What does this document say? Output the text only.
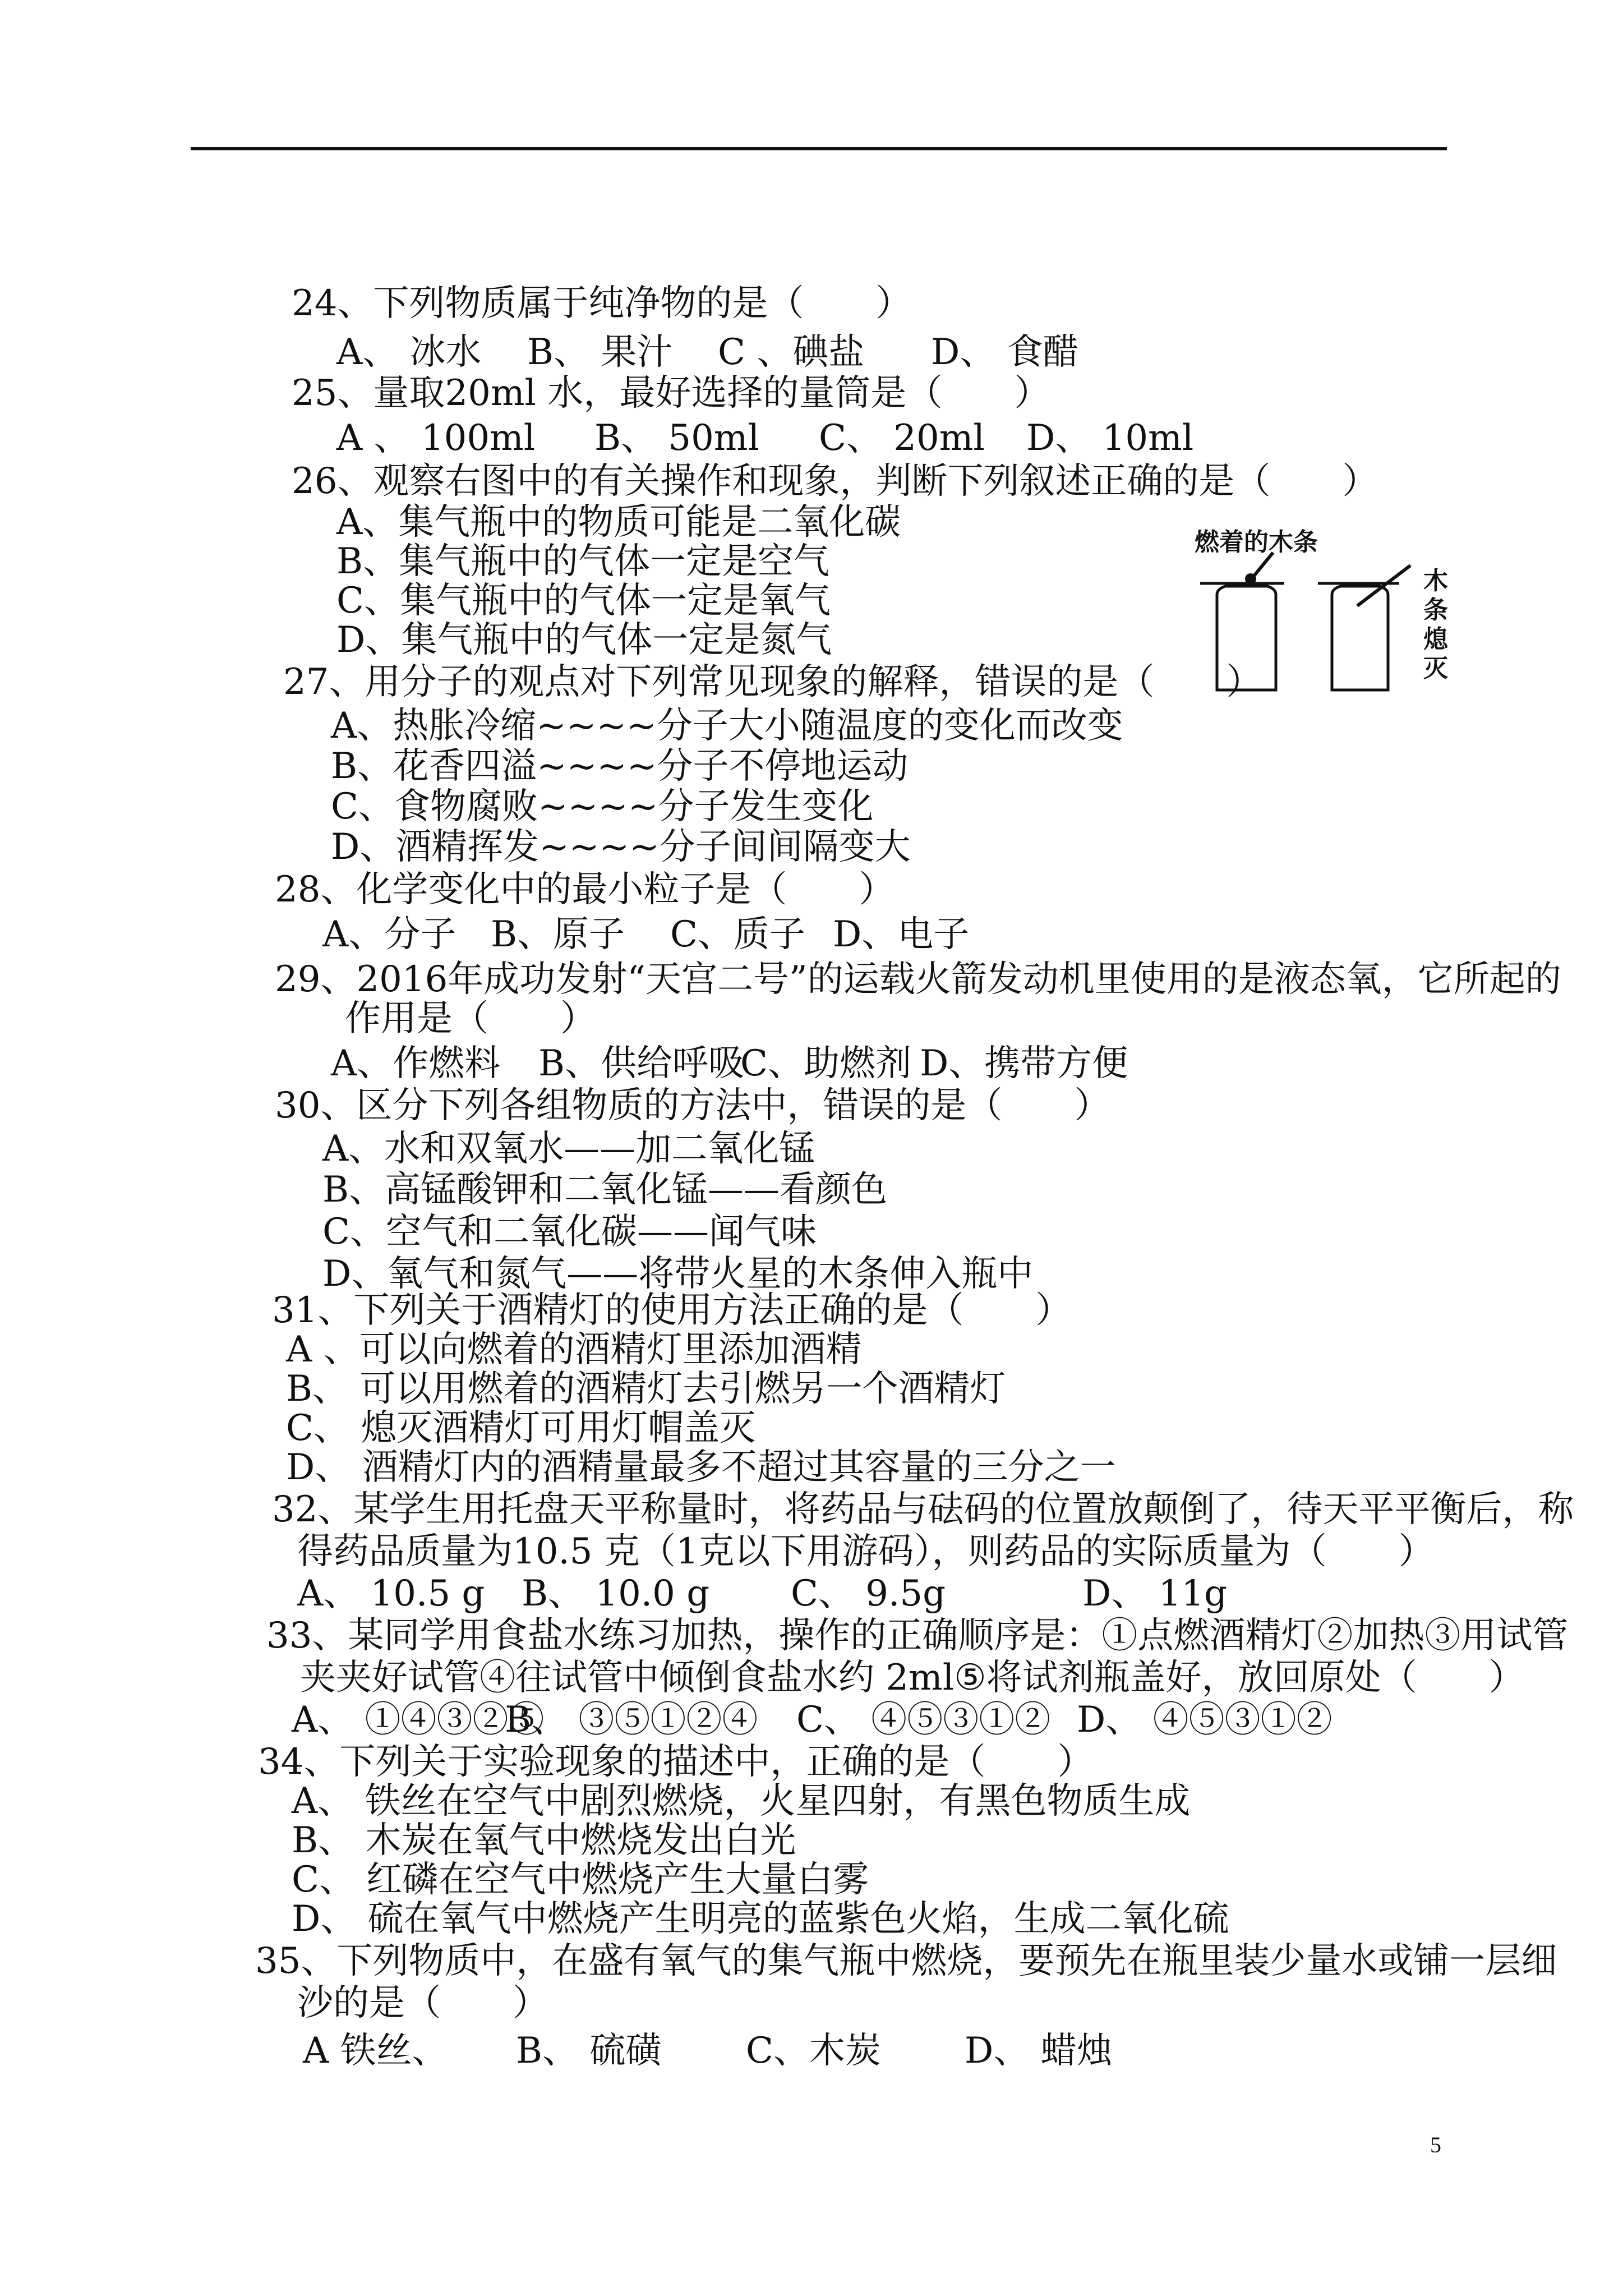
24、下列物质属于纯净物的是（　　）
A、 冰水 B、 果汁 C 、碘盐 D、 食醋
25、量取20ml 水，最好选择的量筒是（　　）
A 、 100ml B、 50ml C、 20ml D、 10ml
26、观察右图中的有关操作和现象，判断下列叙述正确的是（　　）
A、集气瓶中的物质可能是二氧化碳
B、集气瓶中的气体一定是空气
C、集气瓶中的气体一定是氧气
D、集气瓶中的气体一定是氮气
燃着的木条
木条熄灭
27、用分子的观点对下列常见现象的解释，错误的是（　　）
A、热胀冷缩~~~~分子大小随温度的变化而改变
B、花香四溢~~~~分子不停地运动
C、食物腐败~~~~分子发生变化
D、酒精挥发~~~~分子间间隔变大
28、化学变化中的最小粒子是（　　）
A、分子 B、原子 C、质子 D、电子
29、2016年成功发射“天宫二号”的运载火箭发动机里使用的是液态氧，它所起的
作用是（　　）
A、作燃料 B、供给呼吸
C、助燃剂 D、携带方便
30、区分下列各组物质的方法中，错误的是（　　）
A、水和双氧水——加二氧化锰
B、高锰酸钾和二氧化锰——看颜色
C、空气和二氧化碳——闻气味
D、氧气和氮气——将带火星的木条伸入瓶中
31、下列关于酒精灯的使用方法正确的是（　　）
A 、可以向燃着的酒精灯里添加酒精
B、 可以用燃着的酒精灯去引燃另一个酒精灯
C、 熄灭酒精灯可用灯帽盖灭
D、 酒精灯内的酒精量最多不超过其容量的三分之一
32、某学生用托盘天平称量时，将药品与砝码的位置放颠倒了，待天平平衡后，称
得药品质量为10.5 克（1克以下用游码），则药品的实际质量为（　　）
A、 10.5 g B、 10.0 g C、 9.5g	D、 11g
33、某同学用食盐水练习加热，操作的正确顺序是：①点燃酒精灯②加热③用试管
夹夹好试管④往试管中倾倒食盐水约 2ml⑤将试剂瓶盖好，放回原处（　　）
A、 ①④③②⑤
B、 ③⑤①②④ C、 ④⑤③①② D、 ④⑤③①②
34、下列关于实验现象的描述中，正确的是（　　）
A、 铁丝在空气中剧烈燃烧，火星四射，有黑色物质生成
B、 木炭在氧气中燃烧发出白光
C、 红磷在空气中燃烧产生大量白雾
D、 硫在氧气中燃烧产生明亮的蓝紫色火焰，生成二氧化硫
35、下列物质中，在盛有氧气的集气瓶中燃烧，要预先在瓶里装少量水或铺一层细
沙的是（　　）
A 铁丝、 B、 硫磺 C、木炭 D、 蜡烛
5
